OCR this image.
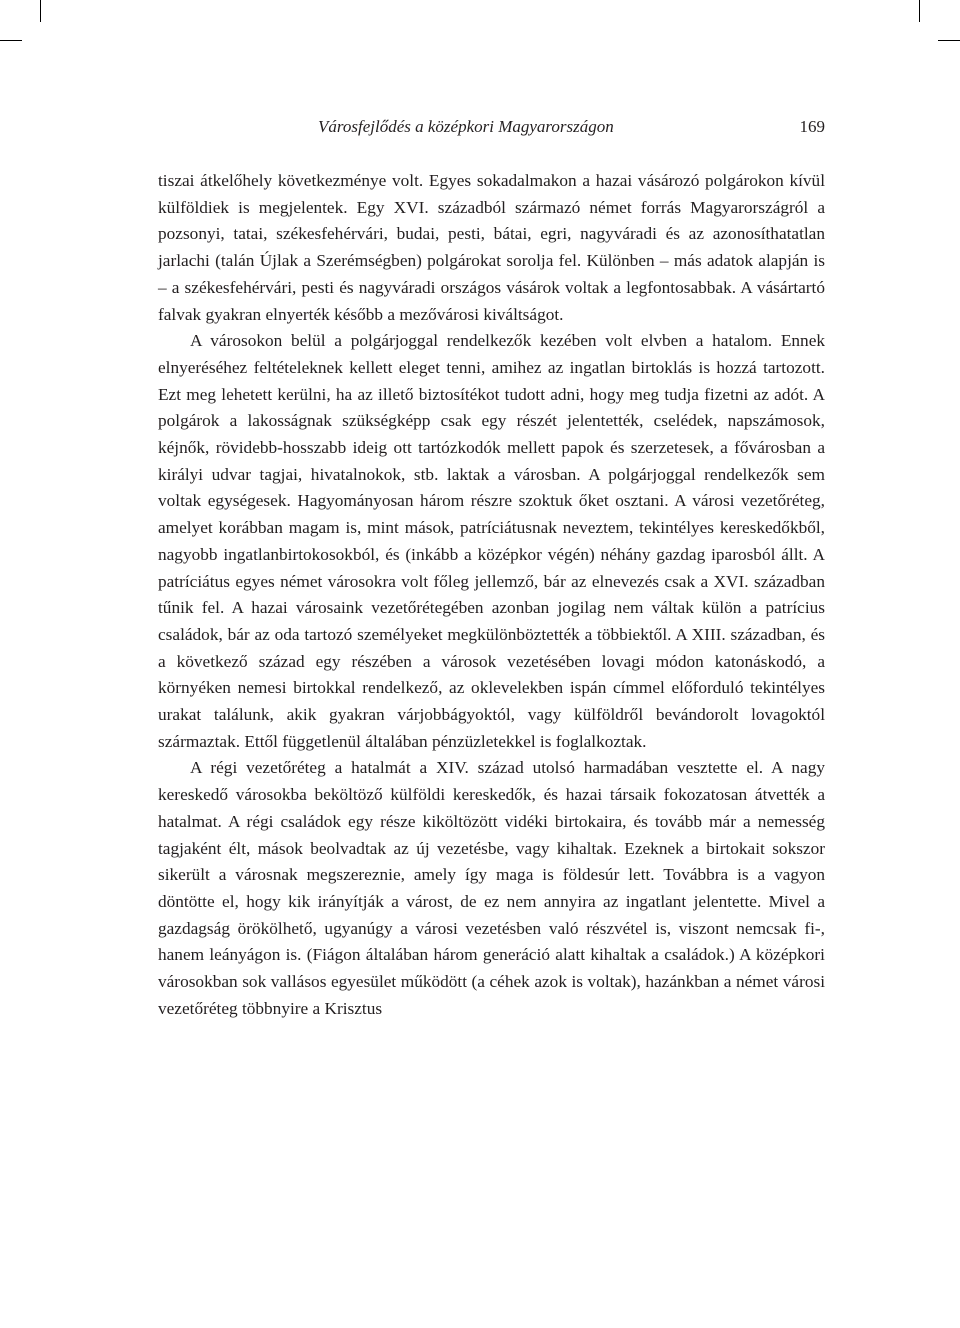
Városfejlődés a középkori Magyarországon	169

tiszai átkelőhely következménye volt. Egyes sokadalmakon a hazai vásározó polgárokon kívül külföldiek is megjelentek. Egy XVI. századból származó német forrás Magyarországról a pozsonyi, tatai, székesfehérvári, budai, pesti, bátai, egri, nagyváradi és az azonosíthatatlan jarlachi (talán Újlak a Szerémségben) polgárokat sorolja fel. Különben – más adatok alapján is – a székesfehérvári, pesti és nagyváradi országos vásárok voltak a legfontosabbak. A vásártartó falvak gyakran elnyerték később a mezővárosi kiváltságot.

A városokon belül a polgárjoggal rendelkezők kezében volt elvben a hatalom. Ennek elnyeréséhez feltételeknek kellett eleget tenni, amihez az ingatlan birtoklás is hozzá tartozott. Ezt meg lehetett kerülni, ha az illető biztosítékot tudott adni, hogy meg tudja fizetni az adót. A polgárok a lakosságnak szükségképp csak egy részét jelentették, cselédek, napszámosok, kéjnők, rövidebb-hosszabb ideig ott tartózkodók mellett papok és szerzetesek, a fővárosban a királyi udvar tagjai, hivatalnokok, stb. laktak a városban. A polgárjoggal rendelkezők sem voltak egységesek. Hagyományosan három részre szoktuk őket osztani. A városi vezetőréteg, amelyet korábban magam is, mint mások, patríciátusnak neveztem, tekintélyes kereskedőkből, nagyobb ingatlanbirtokosokból, és (inkább a középkor végén) néhány gazdag iparosból állt. A patríciátus egyes német városokra volt főleg jellemző, bár az elnevezés csak a XVI. században tűnik fel. A hazai városaink vezetőrétegében azonban jogilag nem váltak külön a patrícius családok, bár az oda tartozó személyeket megkülönböztették a többiektől. A XIII. században, és a következő század egy részében a városok vezetésében lovagi módon katonáskodó, a környéken nemesi birtokkal rendelkező, az oklevelekben ispán címmel előforduló tekintélyes urakat találunk, akik gyakran várjobbágyoktól, vagy külföldről bevándorolt lovagoktól származtak. Ettől függetlenül általában pénzüzletekkel is foglalkoztak.

A régi vezetőréteg a hatalmát a XIV. század utolsó harmadában vesztette el. A nagy kereskedő városokba beköltöző külföldi kereskedők, és hazai társaik fokozatosan átvették a hatalmat. A régi családok egy része kiköltözött vidéki birtokaira, és tovább már a nemesség tagjaként élt, mások beolvadtak az új vezetésbe, vagy kihaltak. Ezeknek a birtokait sokszor sikerült a városnak megszereznie, amely így maga is földesúr lett. Továbbra is a vagyon döntötte el, hogy kik irányítják a várost, de ez nem annyira az ingatlant jelentette. Mivel a gazdagság örökölhető, ugyanúgy a városi vezetésben való részvétel is, viszont nemcsak fi-, hanem leányágon is. (Fiágon általában három generáció alatt kihaltak a családok.) A középkori városokban sok vallásos egyesület működött (a céhek azok is voltak), hazánkban a német városi vezetőréteg többnyire a Krisztus
